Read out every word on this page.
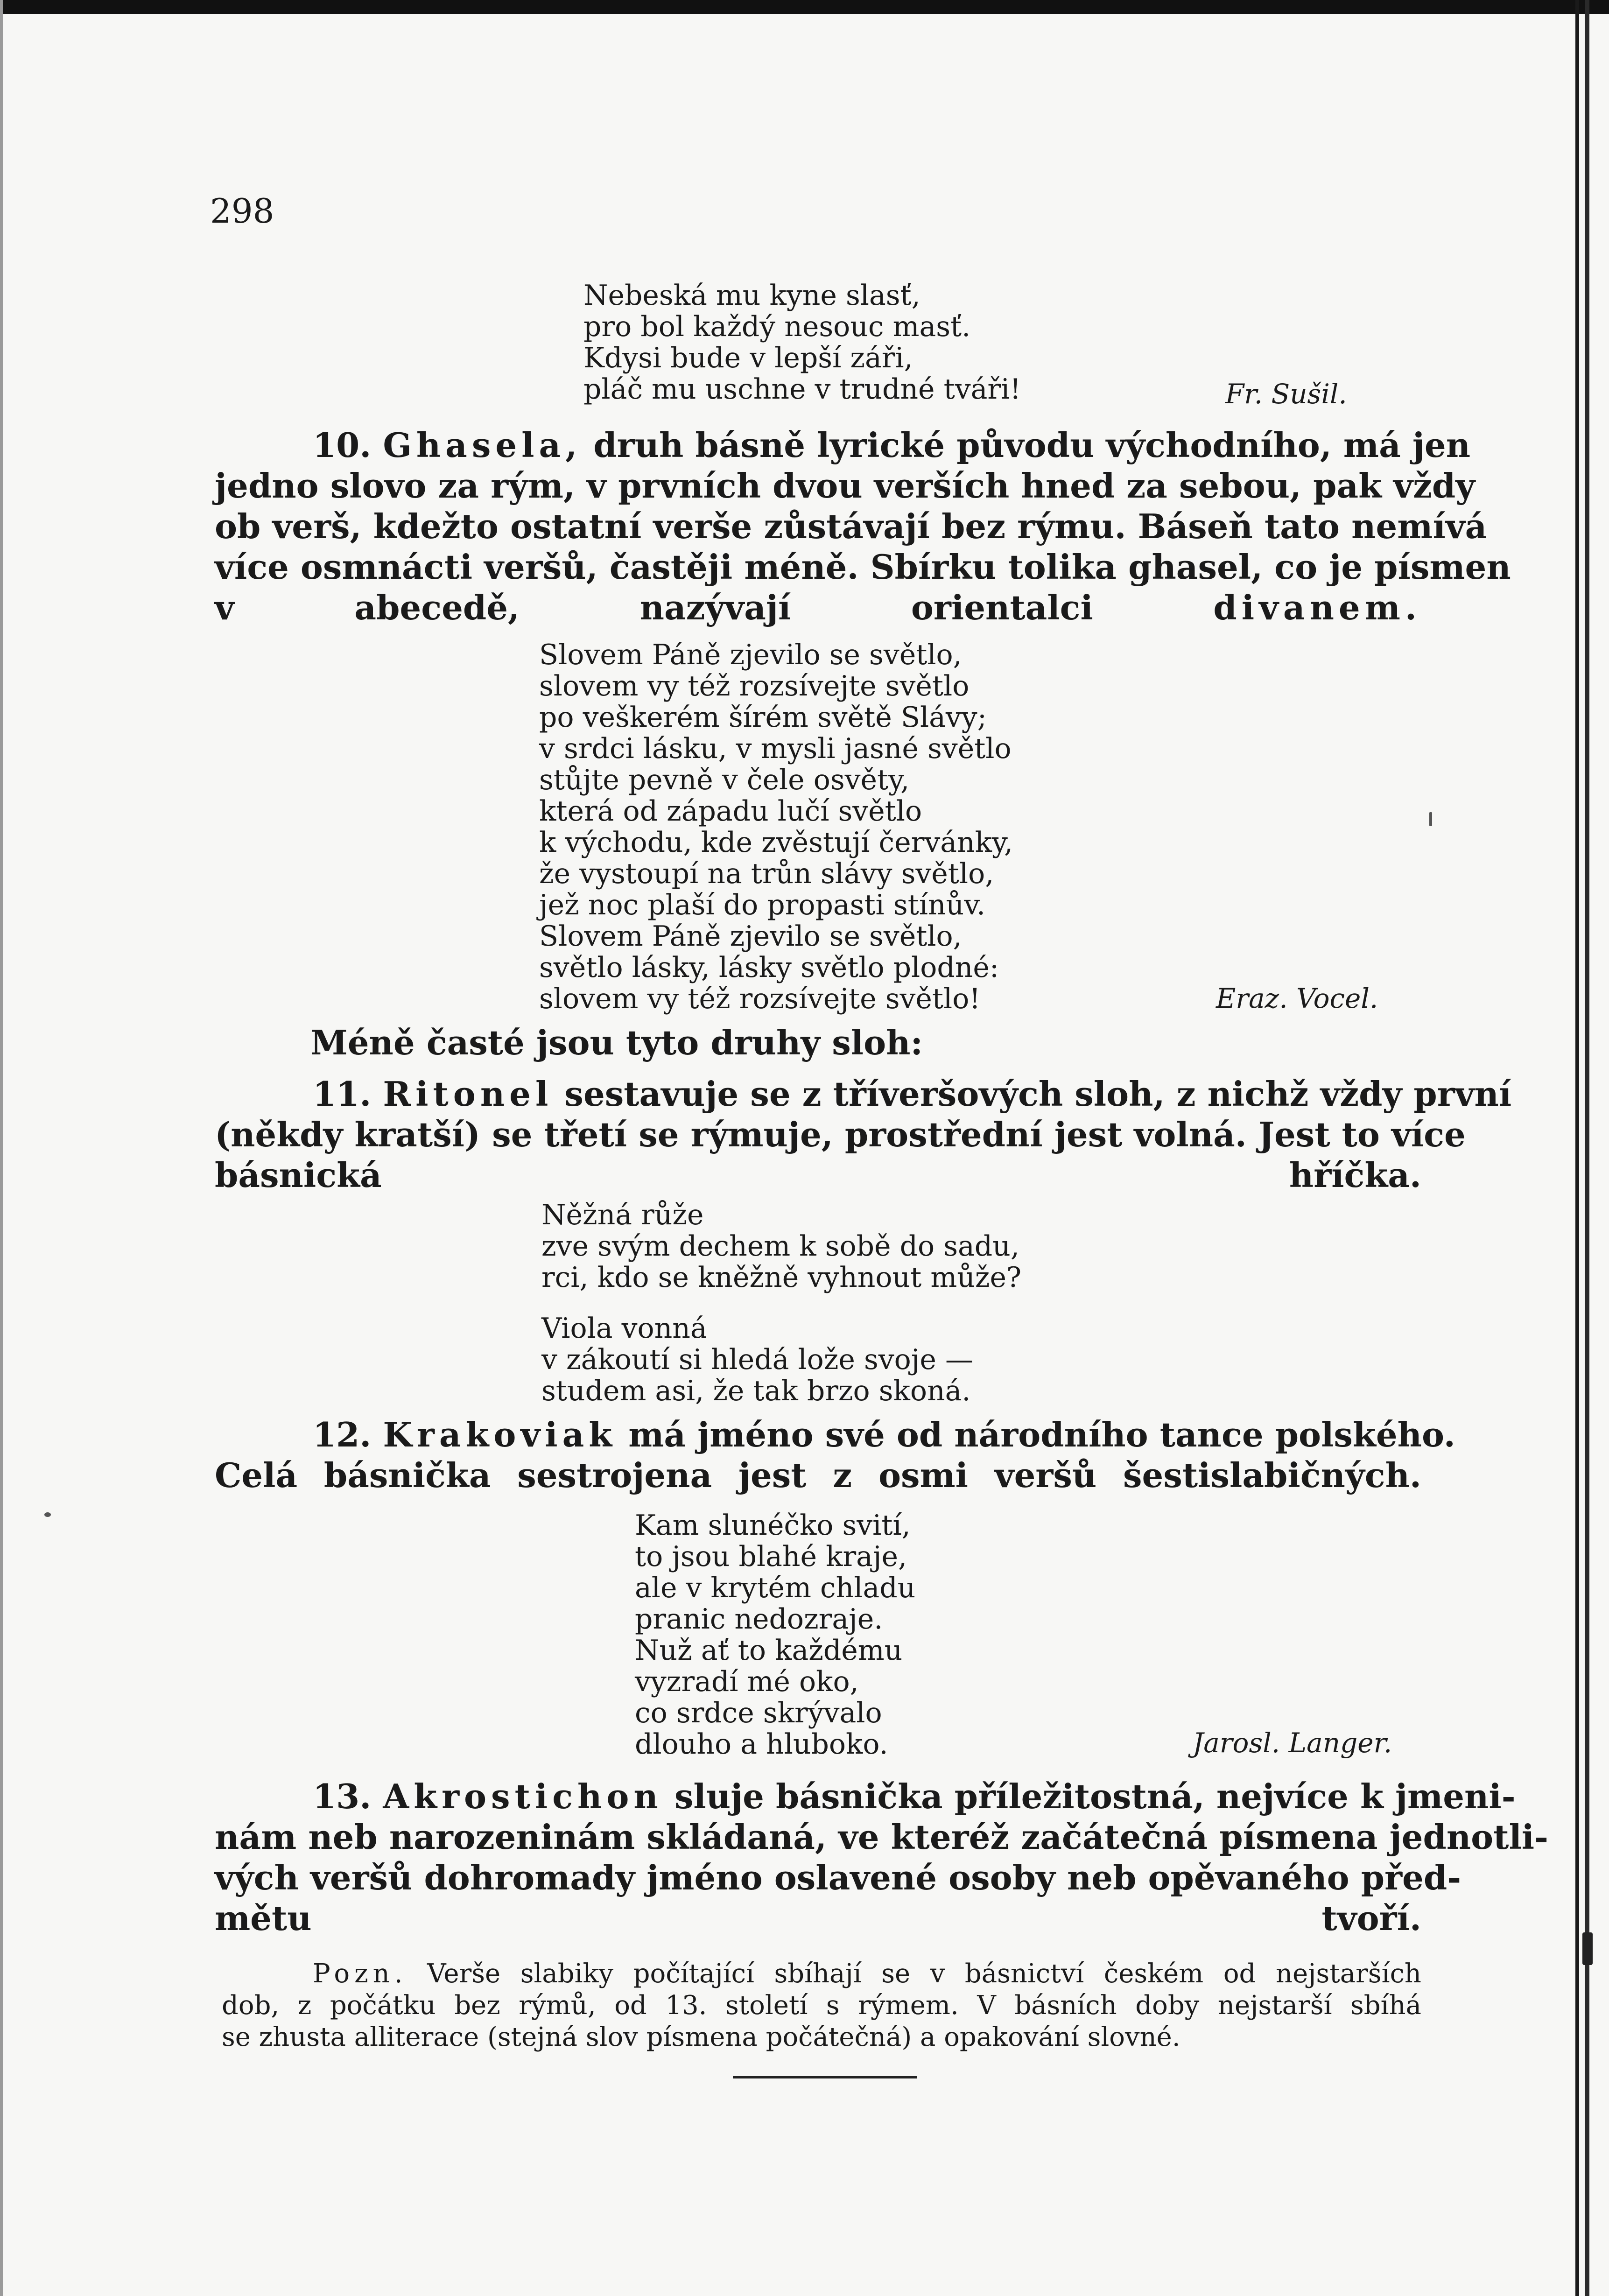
298
Nebeská mu kyne slasť,
pro bol každý nesouc masť.
Kdysi bude v lepší záři,
pláč mu uschne v trudné tváři!	Fr. Sušil.
10. Ghasela, druh básně lyrické původu východního, má jen
jedno slovo za rým, v prvních dvou verších hned za sebou, pak vždy
ob verš, kdežto ostatní verše zůstávají bez rýmu. Báseň tato nemívá
více osmnácti veršů, častěji méně. Sbírku tolika ghasel, co je písmen
v abecedě, nazývají orientalci	divanem.
Slovem Páně zjevilo se světlo,
slovem vy též rozsívejte světlo
po veškerém šírém světě Slávy;
v srdci lásku, v mysli jasné světlo
stůjte pevně v čele osvěty,
která od západu lučí světlo
k východu, kde zvěstují červánky,
že vystoupí na trůn slávy světlo,
jež noc plaší do propasti stínův.
Slovem Páně zjevilo se světlo,
světlo lásky, lásky světlo plodné:
slovem vy též rozsívejte světlo!	Eraz. Vocel.
Méně časté jsou tyto druhy sloh:
11. Ritonel sestavuje se z tříveršových sloh, z nichž vždy první
(někdy kratší) se třetí se rýmuje, prostřední jest volná. Jest to více
básnická hříčka.
Něžná růže
zve svým dechem k sobě do sadu,
rci, kdo se kněžně vyhnout může?
Viola vonná
v zákoutí si hledá lože svoje —
studem asi, že tak brzo skoná.
12. Krakoviak má jméno své od národního tance polského.
Celá básnička sestrojena jest z osmi veršů šestislabičných.
Kam slunéčko svití,
to jsou blahé kraje,
ale v krytém chladu
pranic nedozraje.
Nuž ať to každému
vyzradí mé oko,
co srdce skrývalo
dlouho a hluboko.	Jarosl. Langer.
13. Akrostichon sluje básnička příležitostná, nejvíce k jmeni-
nám neb narozeninám skládaná, ve kteréž začátečná písmena jednotli-
vých veršů dohromady jméno oslavené osoby neb opěvaného před-
mětu tvoří.
Pozn. Verše slabiky počítající sbíhají se v básnictví českém od nejstarších
dob, z počátku bez rýmů, od 13. století s rýmem. V básních doby nejstarší sbíhá
se zhusta alliterace (stejná slov písmena počátečná) a opakování slovné.
